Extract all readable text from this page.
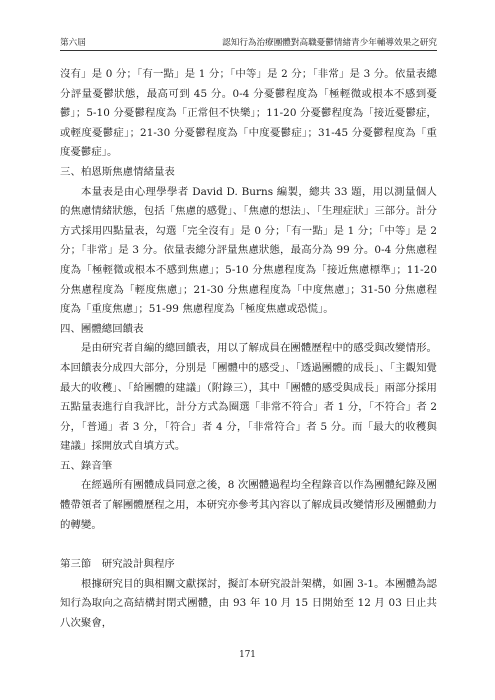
第六屆	認知行為治療團體對高職憂鬱情緒青少年輔導效果之研究

沒有」是 0 分；「有一點」是 1 分；「中等」是 2 分；「非常」是 3 分。依量表總分評量憂鬱狀態，最高可到 45 分。0-4 分憂鬱程度為「極輕微或根本不感到憂鬱」；5-10 分憂鬱程度為「正常但不快樂」；11-20 分憂鬱程度為「接近憂鬱症，或輕度憂鬱症」；21-30 分憂鬱程度為「中度憂鬱症」；31-45 分憂鬱程度為「重度憂鬱症」。

三、柏恩斯焦慮情緒量表

本量表是由心理學學者 David D. Burns 編製，總共 33 題，用以測量個人的焦慮情緒狀態，包括「焦慮的感覺」、「焦慮的想法」、「生理症狀」三部分。計分方式採用四點量表，勾選「完全沒有」是 0 分；「有一點」是 1 分；「中等」是 2 分；「非常」是 3 分。依量表總分評量焦慮狀態，最高分為 99 分。0-4 分焦慮程度為「極輕微或根本不感到焦慮」；5-10 分焦慮程度為「接近焦慮標準」；11-20 分焦慮程度為「輕度焦慮」；21-30 分焦慮程度為「中度焦慮」；31-50 分焦慮程度為「重度焦慮」；51-99 焦慮程度為「極度焦慮或恐慌」。

四、團體總回饋表

是由研究者自編的總回饋表，用以了解成員在團體歷程中的感受與改變情形。本回饋表分成四大部分，分別是「團體中的感受」、「透過團體的成長」、「主觀知覺最大的收穫」、「給團體的建議」（附錄三），其中「團體的感受與成長」兩部分採用五點量表進行自我評比，計分方式為圈選「非常不符合」者 1 分，「不符合」者 2 分，「普通」者 3 分，「符合」者 4 分，「非常符合」者 5 分。而「最大的收穫與建議」採開放式自填方式。

五、錄音筆

在經過所有團體成員同意之後，8 次團體過程均全程錄音以作為團體紀錄及團體帶領者了解團體歷程之用，本研究亦參考其內容以了解成員改變情形及團體動力的轉變。

第三節　研究設計與程序

根據研究目的與相關文獻探討，擬訂本研究設計架構，如圖 3-1。本團體為認知行為取向之高結構封閉式團體，由 93 年 10 月 15 日開始至 12 月 03 日止共八次聚會，

171
